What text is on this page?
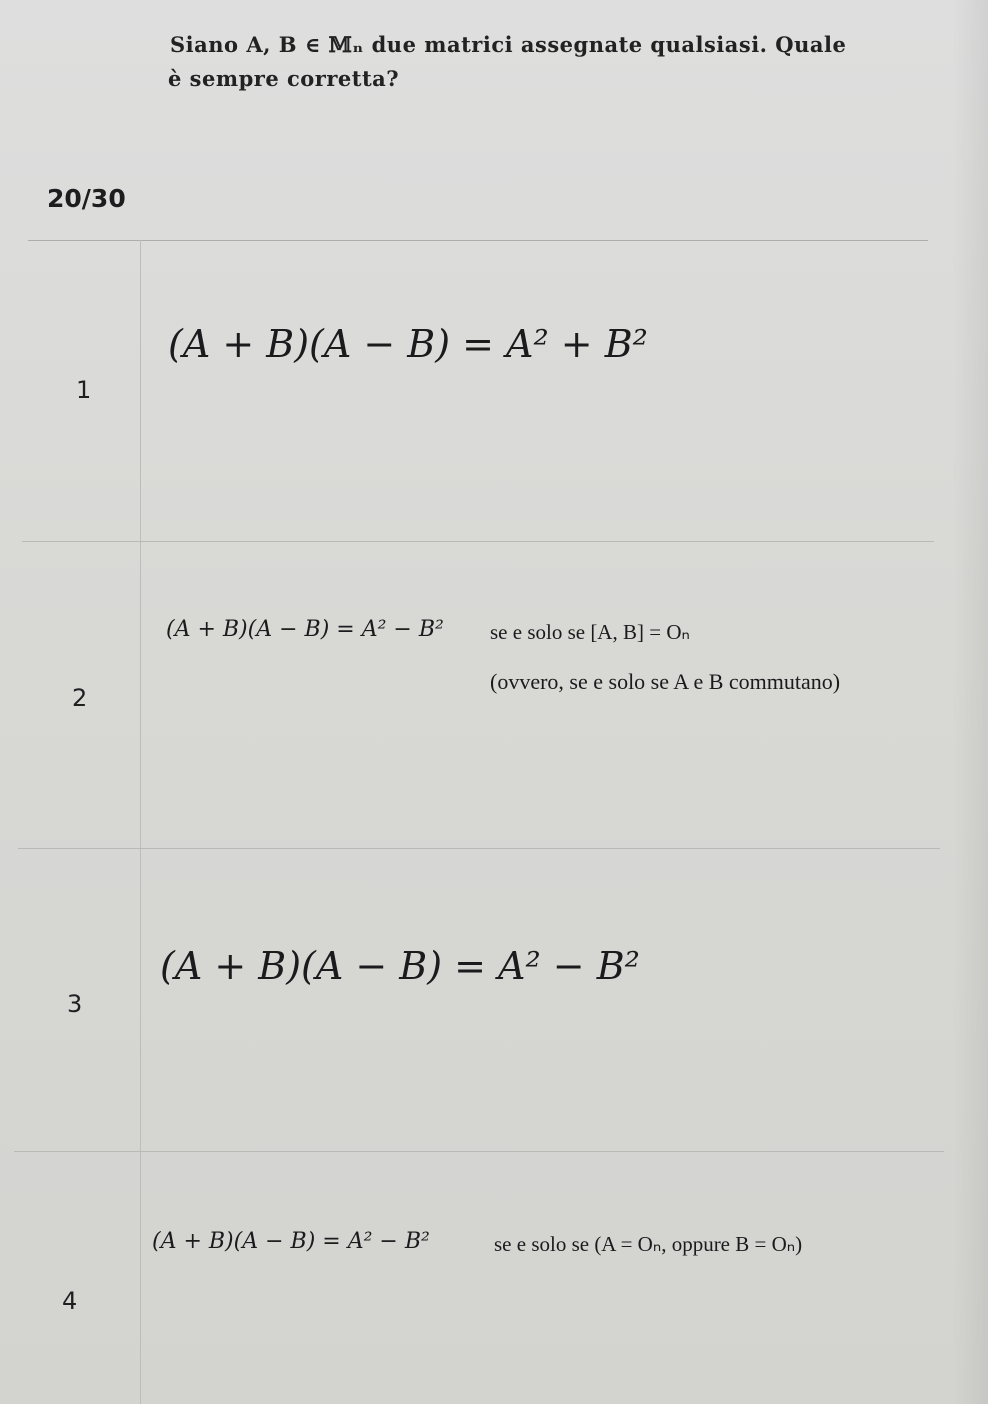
Siano A, B ∈ 𝕄ₙ due matrici assegnate qualsiasi. Quale
è sempre corretta?
20/30
1
(A + B)(A − B) = A² + B²
2
(A + B)(A − B) = A² − B² se e solo se [A, B] = Oₙ
(ovvero, se e solo se A e B commutano)
3
(A + B)(A − B) = A² − B²
4
(A + B)(A − B) = A² − B²	se e solo se (A = Oₙ, oppure B = Oₙ)
